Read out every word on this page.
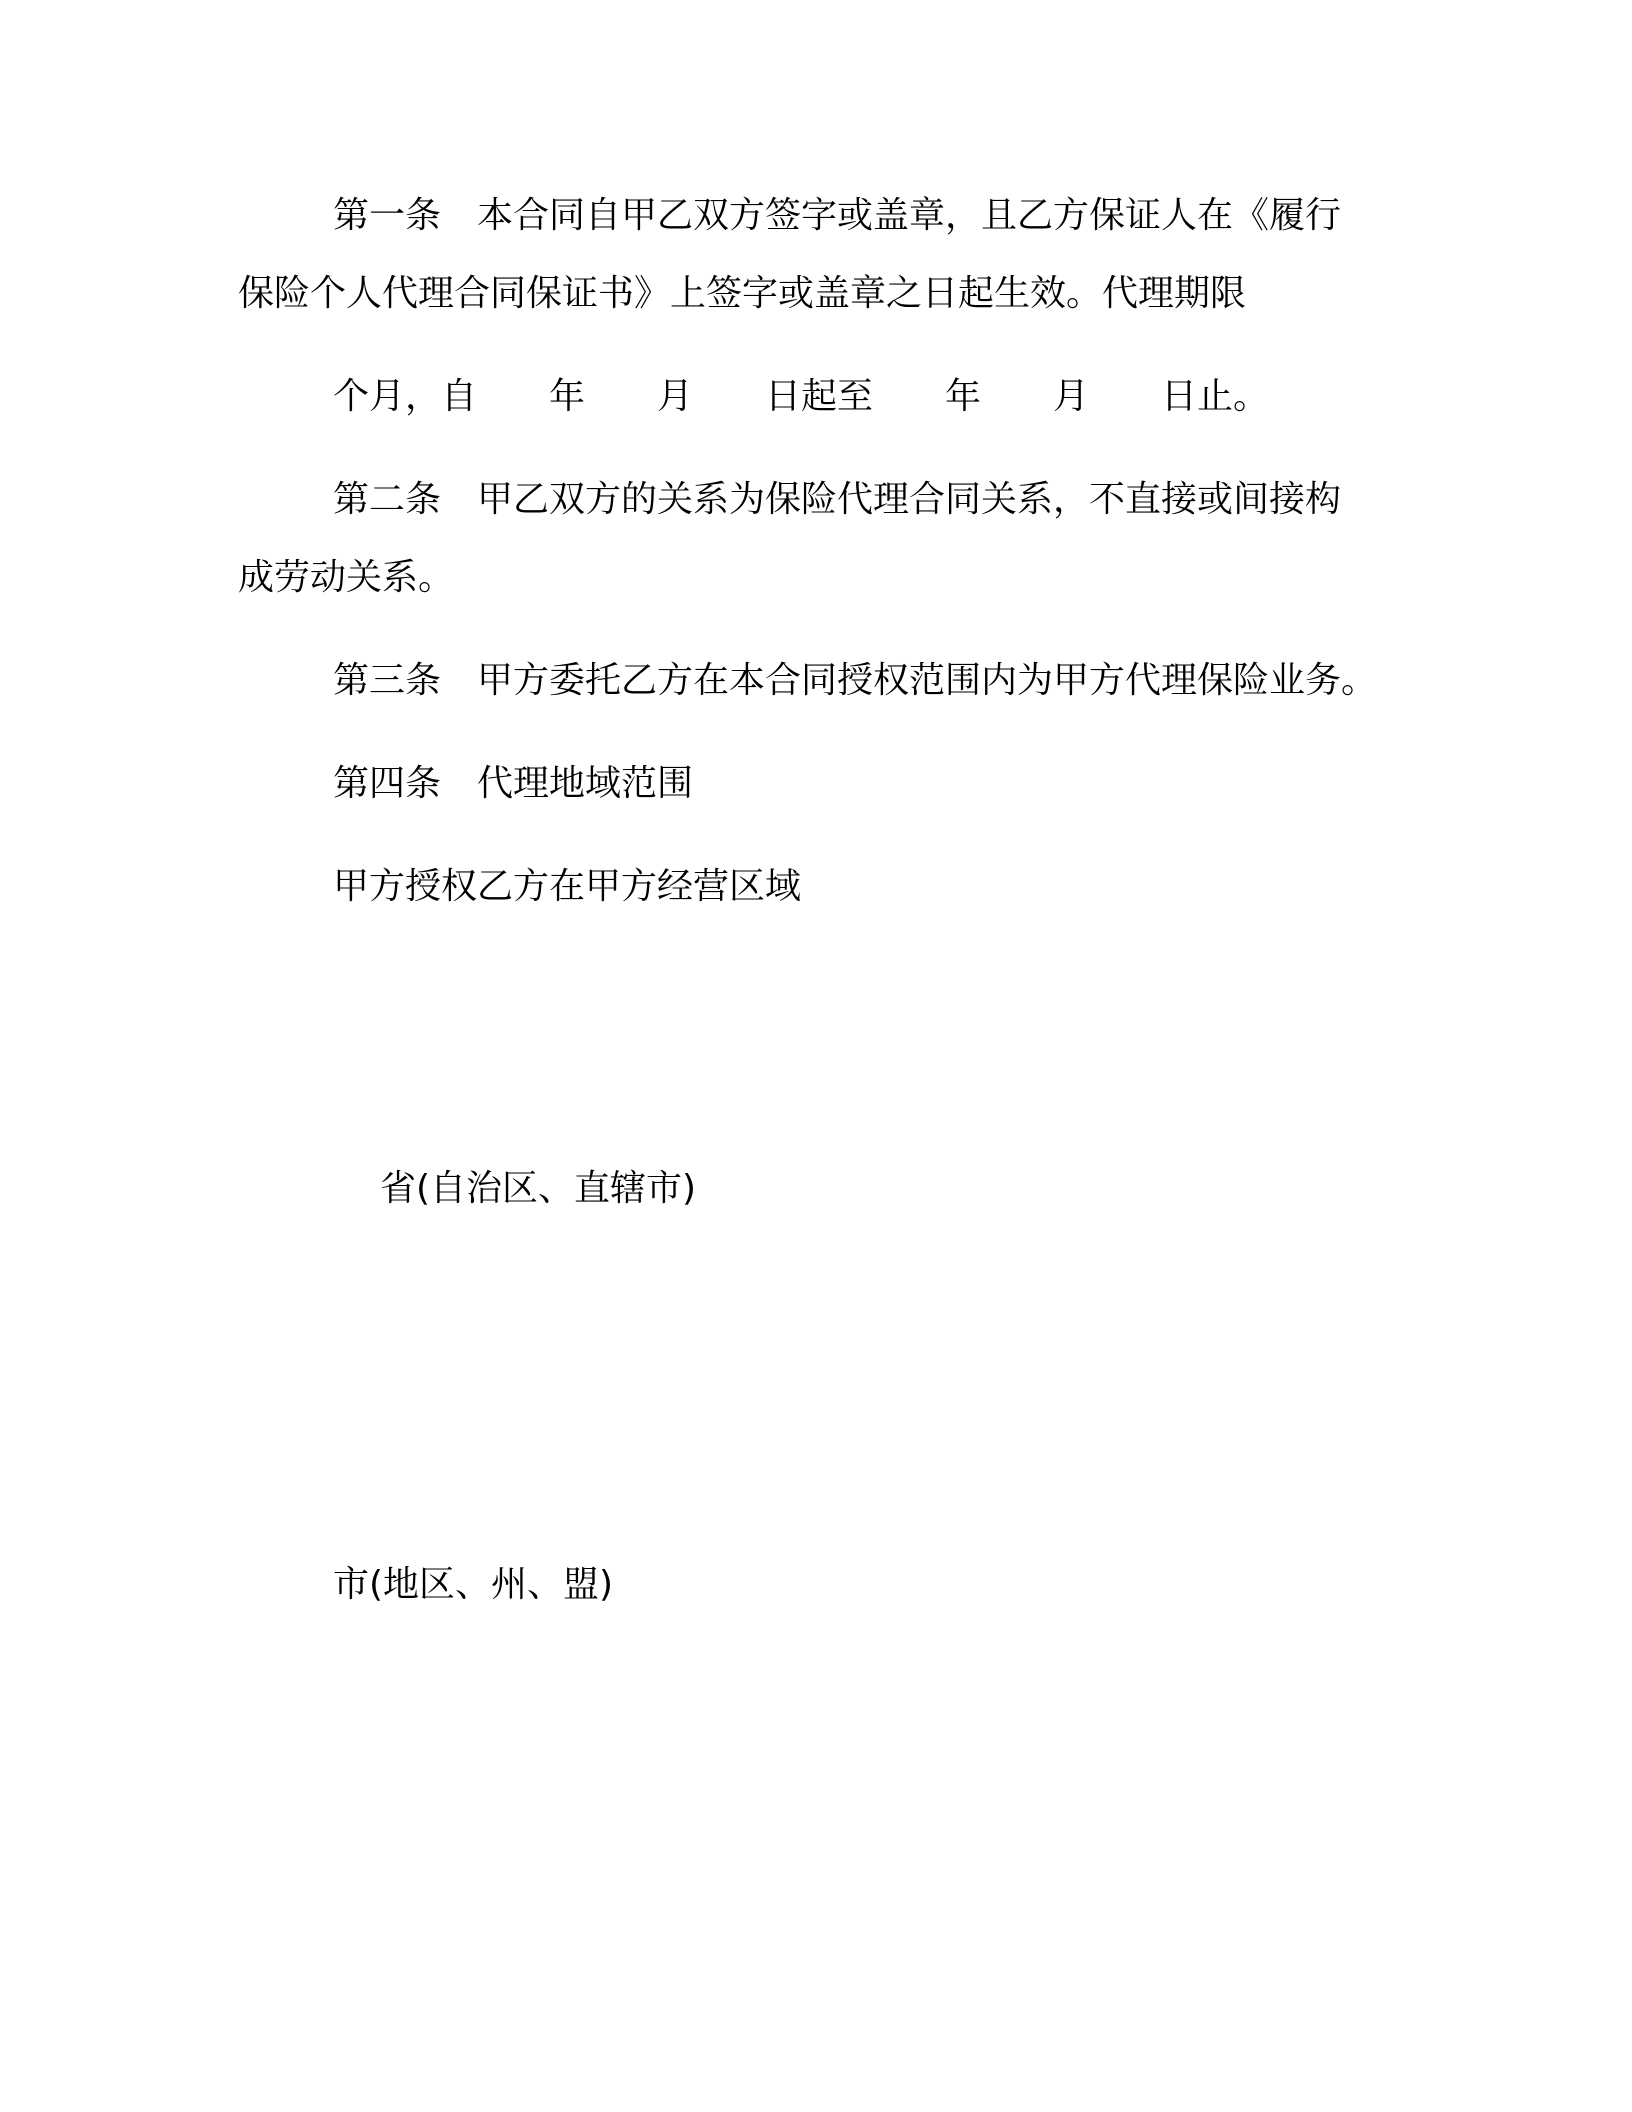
第一条　本合同自甲乙双方签字或盖章，且乙方保证人在《履行
保险个人代理合同保证书》上签字或盖章之日起生效。代理期限
个月，自　　年　　月　　日起至　　年　　月　　日止。
第二条　甲乙双方的关系为保险代理合同关系，不直接或间接构
成劳动关系。
第三条　甲方委托乙方在本合同授权范围内为甲方代理保险业务。
第四条　代理地域范围
甲方授权乙方在甲方经营区域
省(自治区、直辖市)
市(地区、州、盟)
